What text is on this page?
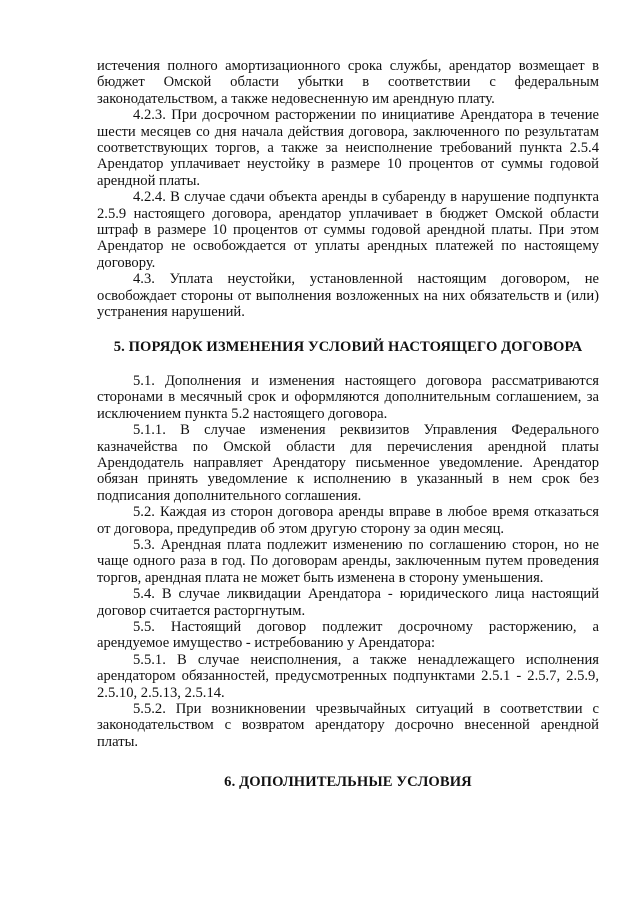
истечения полного амортизационного срока службы, арендатор возмещает в бюджет Омской области убытки в соответствии с федеральным законодательством, а также недовесненную им арендную плату.

4.2.3. При досрочном расторжении по инициативе Арендатора в течение шести месяцев со дня начала действия договора, заключенного по результатам соответствующих торгов, а также за неисполнение требований пункта 2.5.4 Арендатор уплачивает неустойку в размере 10 процентов от суммы годовой арендной платы.

4.2.4. В случае сдачи объекта аренды в субаренду в нарушение подпункта 2.5.9 настоящего договора, арендатор уплачивает в бюджет Омской области штраф в размере 10 процентов от суммы годовой арендной платы. При этом Арендатор не освобождается от уплаты арендных платежей по настоящему договору.

4.3. Уплата неустойки, установленной настоящим договором, не освобождает стороны от выполнения возложенных на них обязательств и (или) устранения нарушений.

5. ПОРЯДОК ИЗМЕНЕНИЯ УСЛОВИЙ НАСТОЯЩЕГО ДОГОВОРА

5.1. Дополнения и изменения настоящего договора рассматриваются сторонами в месячный срок и оформляются дополнительным соглашением, за исключением пункта 5.2 настоящего договора.

5.1.1. В случае изменения реквизитов Управления Федерального казначейства по Омской области для перечисления арендной платы Арендодатель направляет Арендатору письменное уведомление. Арендатор обязан принять уведомление к исполнению в указанный в нем срок без подписания дополнительного соглашения.

5.2. Каждая из сторон договора аренды вправе в любое время отказаться от договора, предупредив об этом другую сторону за один месяц.

5.3. Арендная плата подлежит изменению по соглашению сторон, но не чаще одного раза в год. По договорам аренды, заключенным путем проведения торгов, арендная плата не может быть изменена в сторону уменьшения.

5.4. В случае ликвидации Арендатора - юридического лица настоящий договор считается расторгнутым.

5.5. Настоящий договор подлежит досрочному расторжению, а арендуемое имущество - истребованию у Арендатора:

5.5.1. В случае неисполнения, а также ненадлежащего исполнения арендатором обязанностей, предусмотренных подпунктами 2.5.1 - 2.5.7, 2.5.9, 2.5.10, 2.5.13, 2.5.14.

5.5.2. При возникновении чрезвычайных ситуаций в соответствии с законодательством с возвратом арендатору досрочно внесенной арендной платы.

6. ДОПОЛНИТЕЛЬНЫЕ УСЛОВИЯ
